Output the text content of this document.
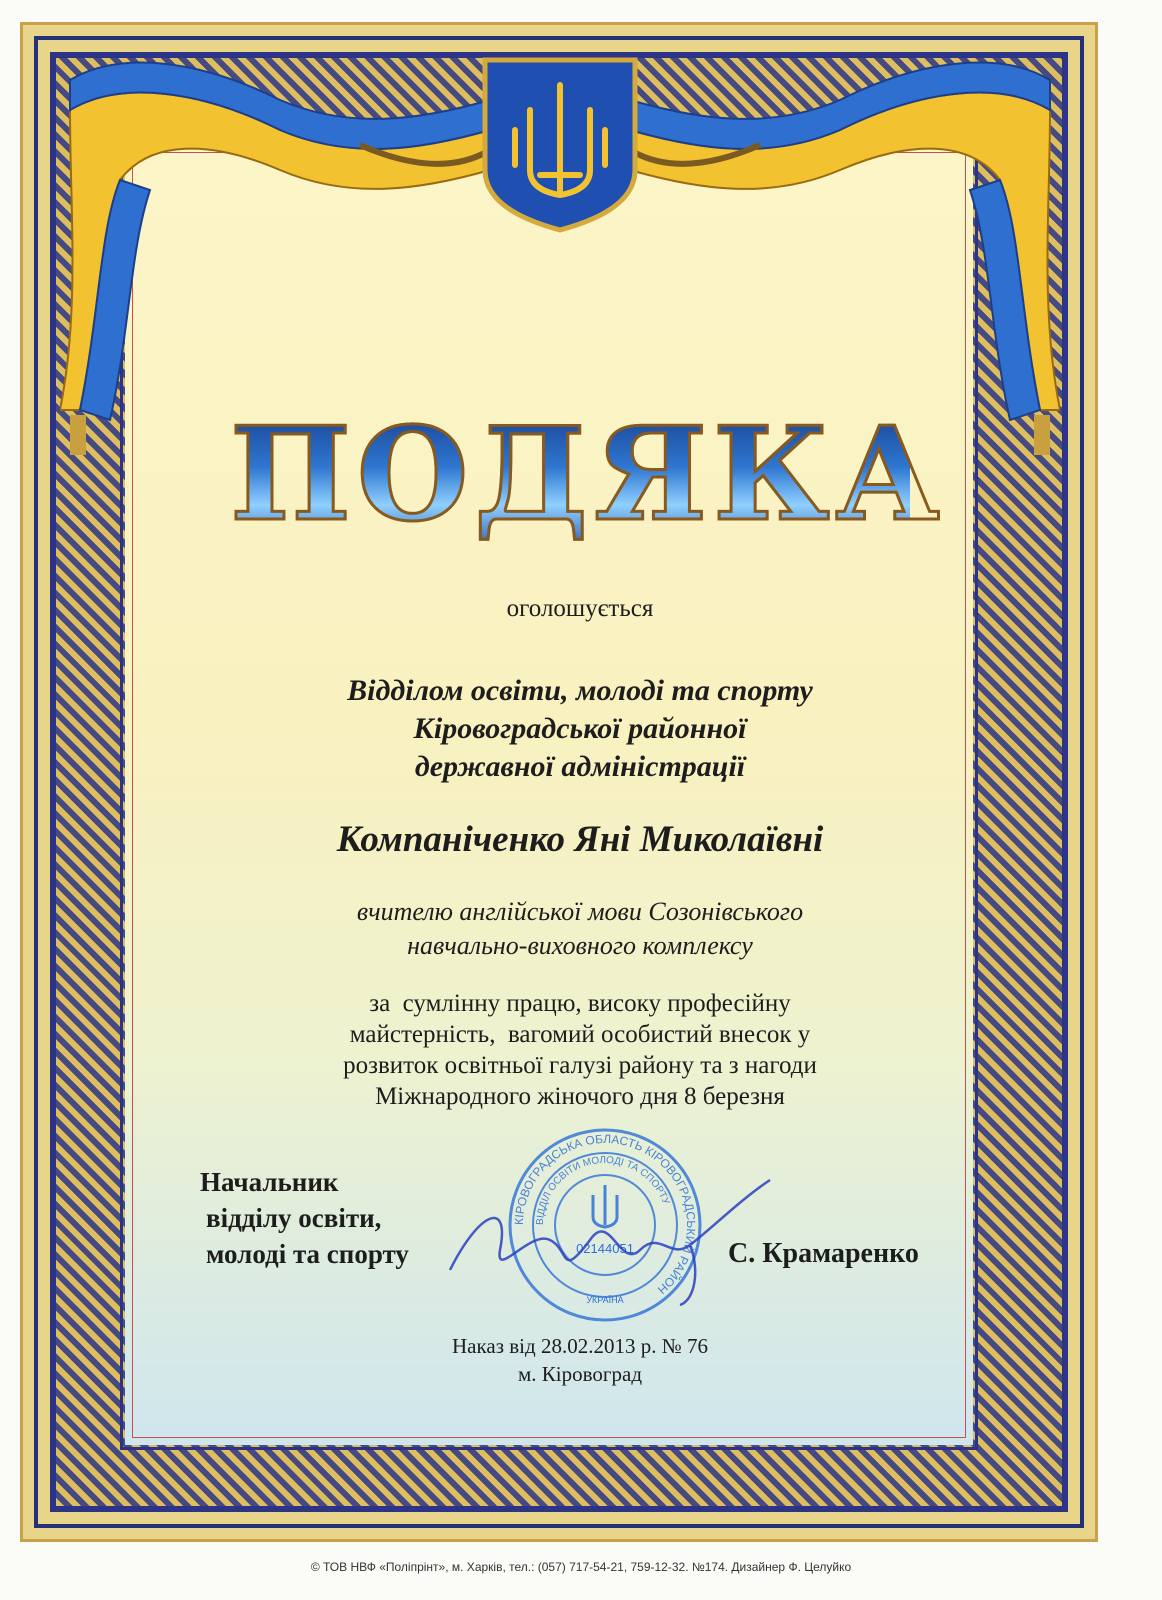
ПОДЯКА
оголошується
Відділом освіти, молоді та спорту
Кіровоградської районної
державної адміністрації
Компаніченко Яні Миколаївні
вчителю англійської мови Созонівського
навчально-виховного комплексу
за  сумлінну працю, високу професійну
майстерність,  вагомий особистий внесок у
розвиток освітньої галузі району та з нагоди
Міжнародного жіночого дня 8 березня
Начальник
відділу освіти,
молоді та спорту
КІРОВОГРАДСЬКА ОБЛАСТЬ КІРОВОГРАДСЬКИЙ РАЙОН
ВІДДІЛ ОСВІТИ МОЛОДІ ТА СПОРТУ
02144051
УКРАЇНА
С. Крамаренко
Наказ від 28.02.2013 р. № 76
м. Кіровоград
© ТОВ НВФ «Поліпрінт», м. Харків, тел.: (057) 717-54-21, 759-12-32. №174. Дизайнер Ф. Целуйко
